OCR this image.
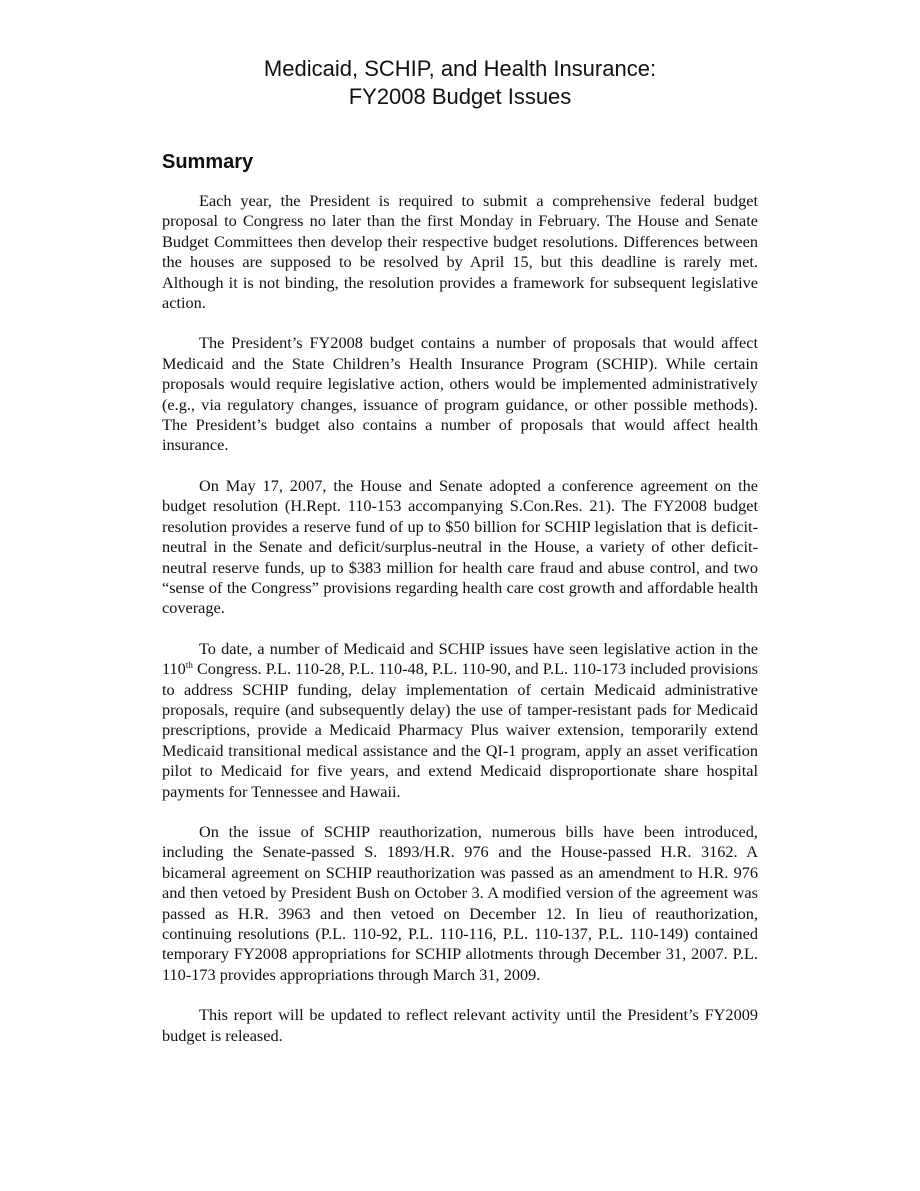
Medicaid, SCHIP, and Health Insurance:
FY2008 Budget Issues
Summary

Each year, the President is required to submit a comprehensive federal budget proposal to Congress no later than the first Monday in February. The House and Senate Budget Committees then develop their respective budget resolutions. Differences between the houses are supposed to be resolved by April 15, but this deadline is rarely met. Although it is not binding, the resolution provides a framework for subsequent legislative action.

The President’s FY2008 budget contains a number of proposals that would affect Medicaid and the State Children’s Health Insurance Program (SCHIP). While certain proposals would require legislative action, others would be implemented administratively (e.g., via regulatory changes, issuance of program guidance, or other possible methods). The President’s budget also contains a number of proposals that would affect health insurance.

On May 17, 2007, the House and Senate adopted a conference agreement on the budget resolution (H.Rept. 110-153 accompanying S.Con.Res. 21). The FY2008 budget resolution provides a reserve fund of up to $50 billion for SCHIP legislation that is deficit-neutral in the Senate and deficit/surplus-neutral in the House, a variety of other deficit-neutral reserve funds, up to $383 million for health care fraud and abuse control, and two “sense of the Congress” provisions regarding health care cost growth and affordable health coverage.

To date, a number of Medicaid and SCHIP issues have seen legislative action in the 110th Congress. P.L. 110-28, P.L. 110-48, P.L. 110-90, and P.L. 110-173 included provisions to address SCHIP funding, delay implementation of certain Medicaid administrative proposals, require (and subsequently delay) the use of tamper-resistant pads for Medicaid prescriptions, provide a Medicaid Pharmacy Plus waiver extension, temporarily extend Medicaid transitional medical assistance and the QI-1 program, apply an asset verification pilot to Medicaid for five years, and extend Medicaid disproportionate share hospital payments for Tennessee and Hawaii.

On the issue of SCHIP reauthorization, numerous bills have been introduced, including the Senate-passed S. 1893/H.R. 976 and the House-passed H.R. 3162. A bicameral agreement on SCHIP reauthorization was passed as an amendment to H.R. 976 and then vetoed by President Bush on October 3. A modified version of the agreement was passed as H.R. 3963 and then vetoed on December 12. In lieu of reauthorization, continuing resolutions (P.L. 110-92, P.L. 110-116, P.L. 110-137, P.L. 110-149) contained temporary FY2008 appropriations for SCHIP allotments through December 31, 2007. P.L. 110-173 provides appropriations through March 31, 2009.

This report will be updated to reflect relevant activity until the President’s FY2009 budget is released.
